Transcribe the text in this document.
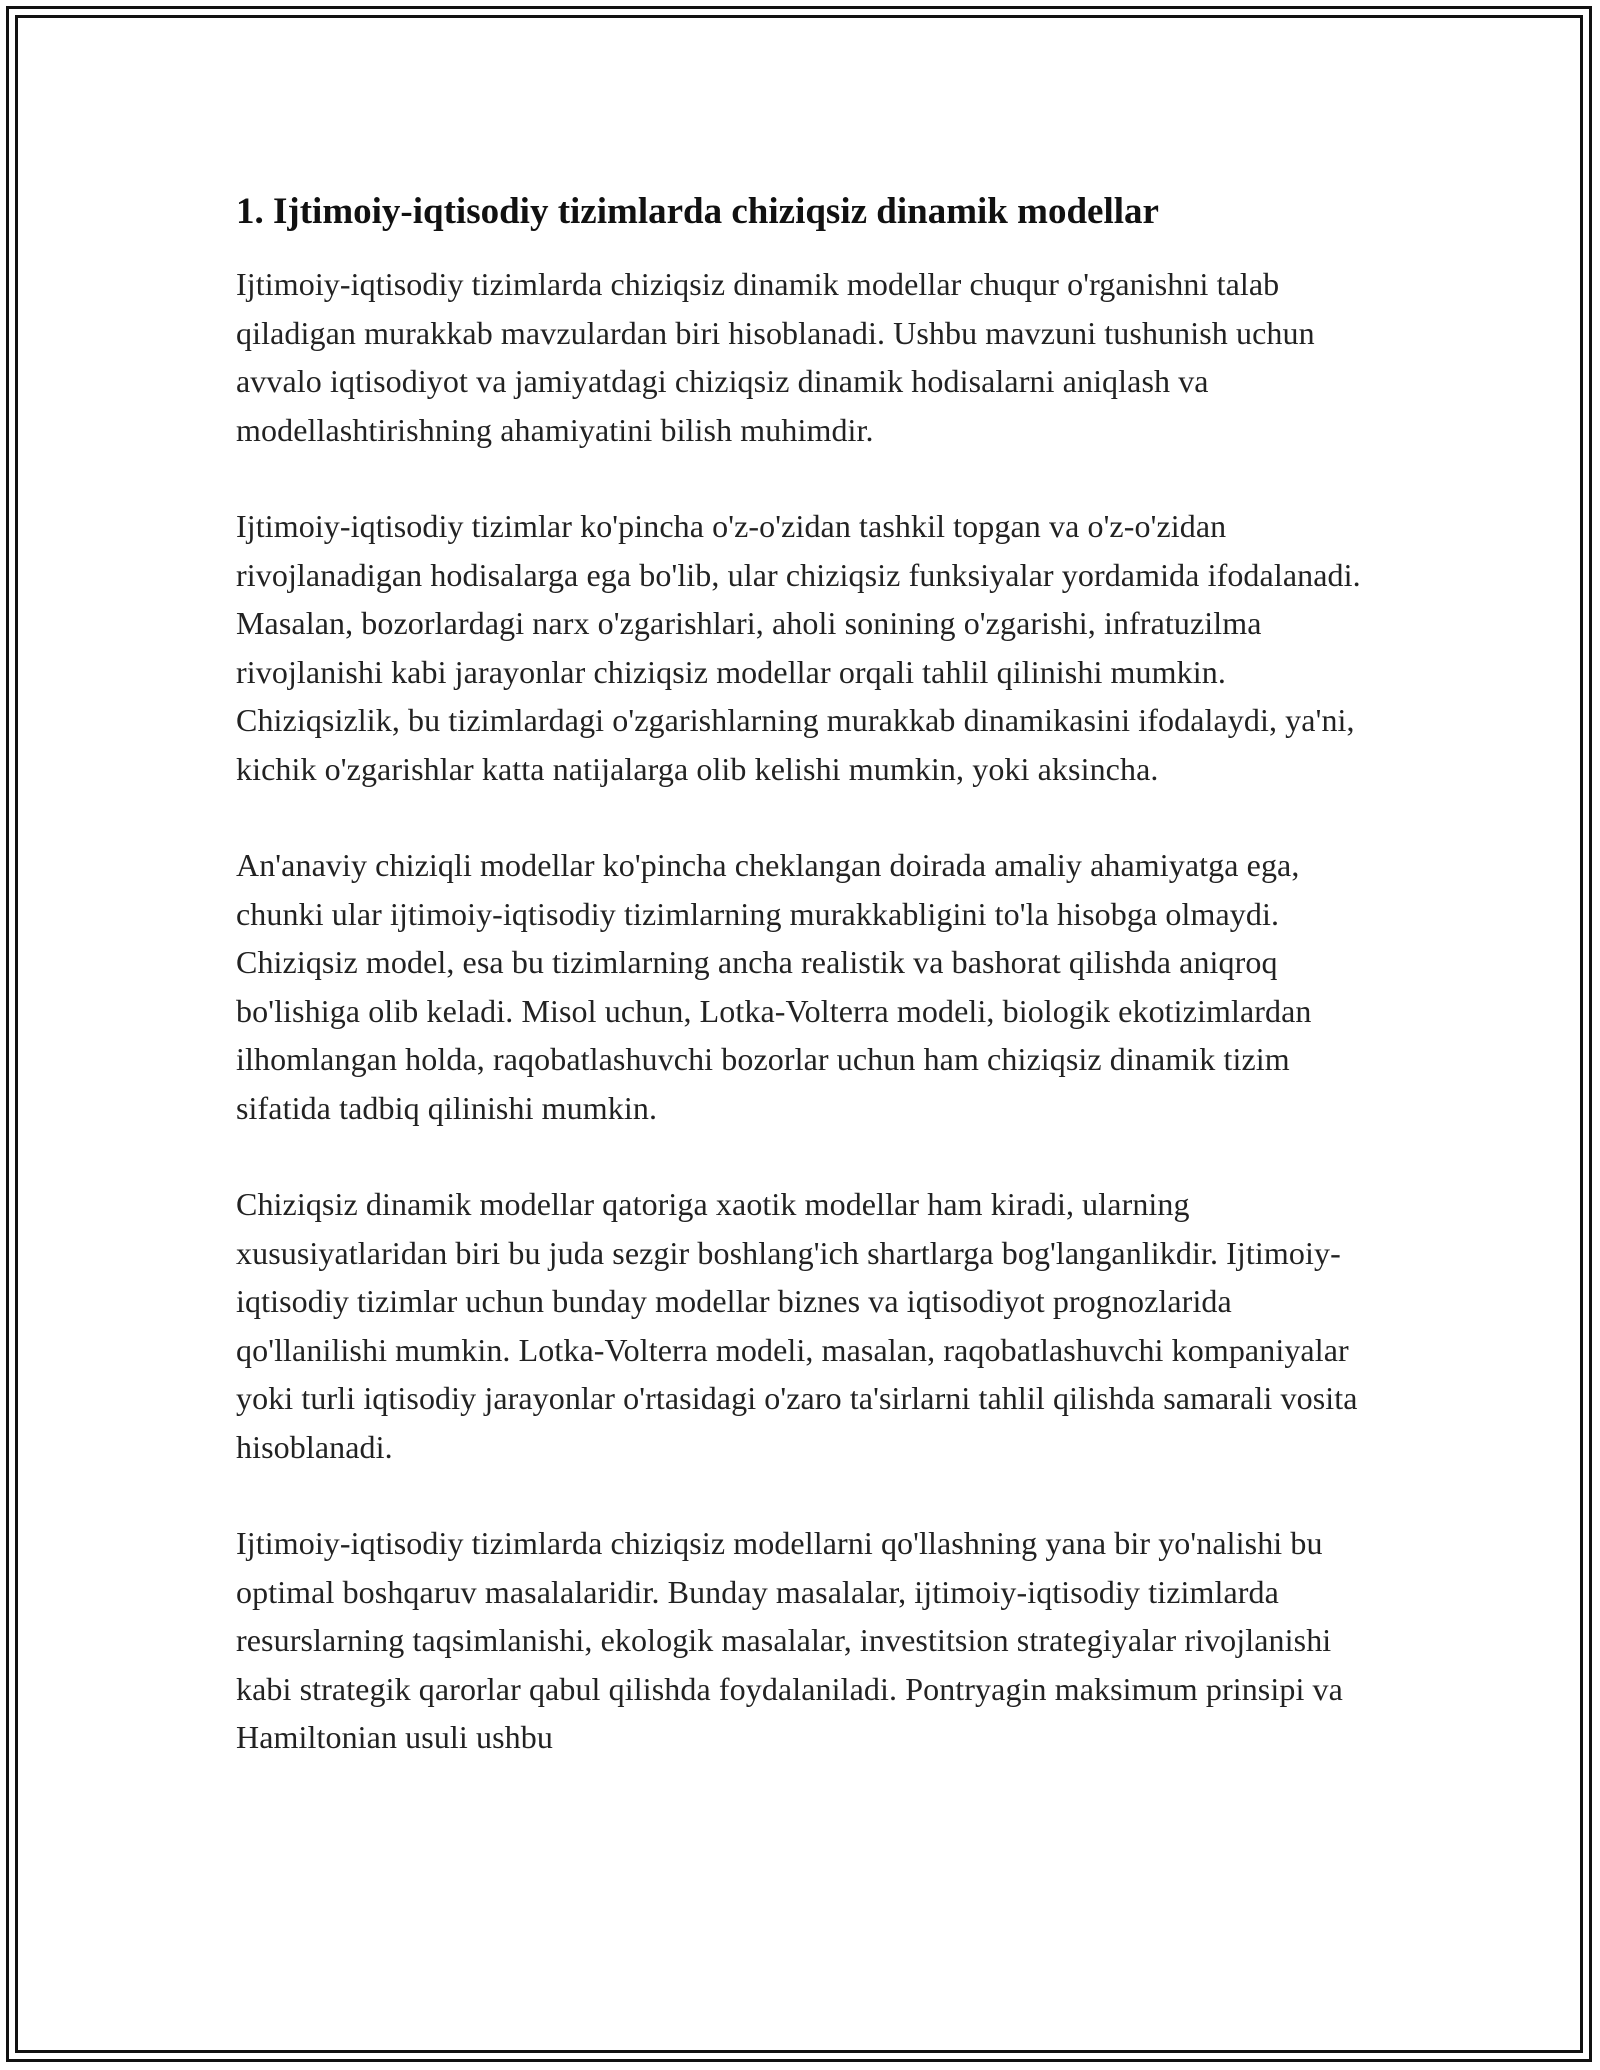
1. Ijtimoiy-iqtisodiy tizimlarda chiziqsiz dinamik modellar

Ijtimoiy-iqtisodiy tizimlarda chiziqsiz dinamik modellar chuqur o'rganishni talab qiladigan murakkab mavzulardan biri hisoblanadi. Ushbu mavzuni tushunish uchun avvalo iqtisodiyot va jamiyatdagi chiziqsiz dinamik hodisalarni aniqlash va modellashtirishning ahamiyatini bilish muhimdir.

Ijtimoiy-iqtisodiy tizimlar ko'pincha o'z-o'zidan tashkil topgan va o'z-o'zidan rivojlanadigan hodisalarga ega bo'lib, ular chiziqsiz funksiyalar yordamida ifodalanadi. Masalan, bozorlardagi narx o'zgarishlari, aholi sonining o'zgarishi, infratuzilma rivojlanishi kabi jarayonlar chiziqsiz modellar orqali tahlil qilinishi mumkin. Chiziqsizlik, bu tizimlardagi o'zgarishlarning murakkab dinamikasini ifodalaydi, ya'ni, kichik o'zgarishlar katta natijalarga olib kelishi mumkin, yoki aksincha.

An'anaviy chiziqli modellar ko'pincha cheklangan doirada amaliy ahamiyatga ega, chunki ular ijtimoiy-iqtisodiy tizimlarning murakkabligini to'la hisobga olmaydi. Chiziqsiz model, esa bu tizimlarning ancha realistik va bashorat qilishda aniqroq bo'lishiga olib keladi. Misol uchun, Lotka-Volterra modeli, biologik ekotizimlardan ilhomlangan holda, raqobatlashuvchi bozorlar uchun ham chiziqsiz dinamik tizim sifatida tadbiq qilinishi mumkin.

Chiziqsiz dinamik modellar qatoriga xaotik modellar ham kiradi, ularning xususiyatlaridan biri bu juda sezgir boshlang'ich shartlarga bog'langanlikdir. Ijtimoiy-iqtisodiy tizimlar uchun bunday modellar biznes va iqtisodiyot prognozlarida qo'llanilishi mumkin. Lotka-Volterra modeli, masalan, raqobatlashuvchi kompaniyalar yoki turli iqtisodiy jarayonlar o'rtasidagi o'zaro ta'sirlarni tahlil qilishda samarali vosita hisoblanadi.

Ijtimoiy-iqtisodiy tizimlarda chiziqsiz modellarni qo'llashning yana bir yo'nalishi bu optimal boshqaruv masalalaridir. Bunday masalalar, ijtimoiy-iqtisodiy tizimlarda resurslarning taqsimlanishi, ekologik masalalar, investitsion strategiyalar rivojlanishi kabi strategik qarorlar qabul qilishda foydalaniladi. Pontryagin maksimum prinsipi va Hamiltonian usuli ushbu
